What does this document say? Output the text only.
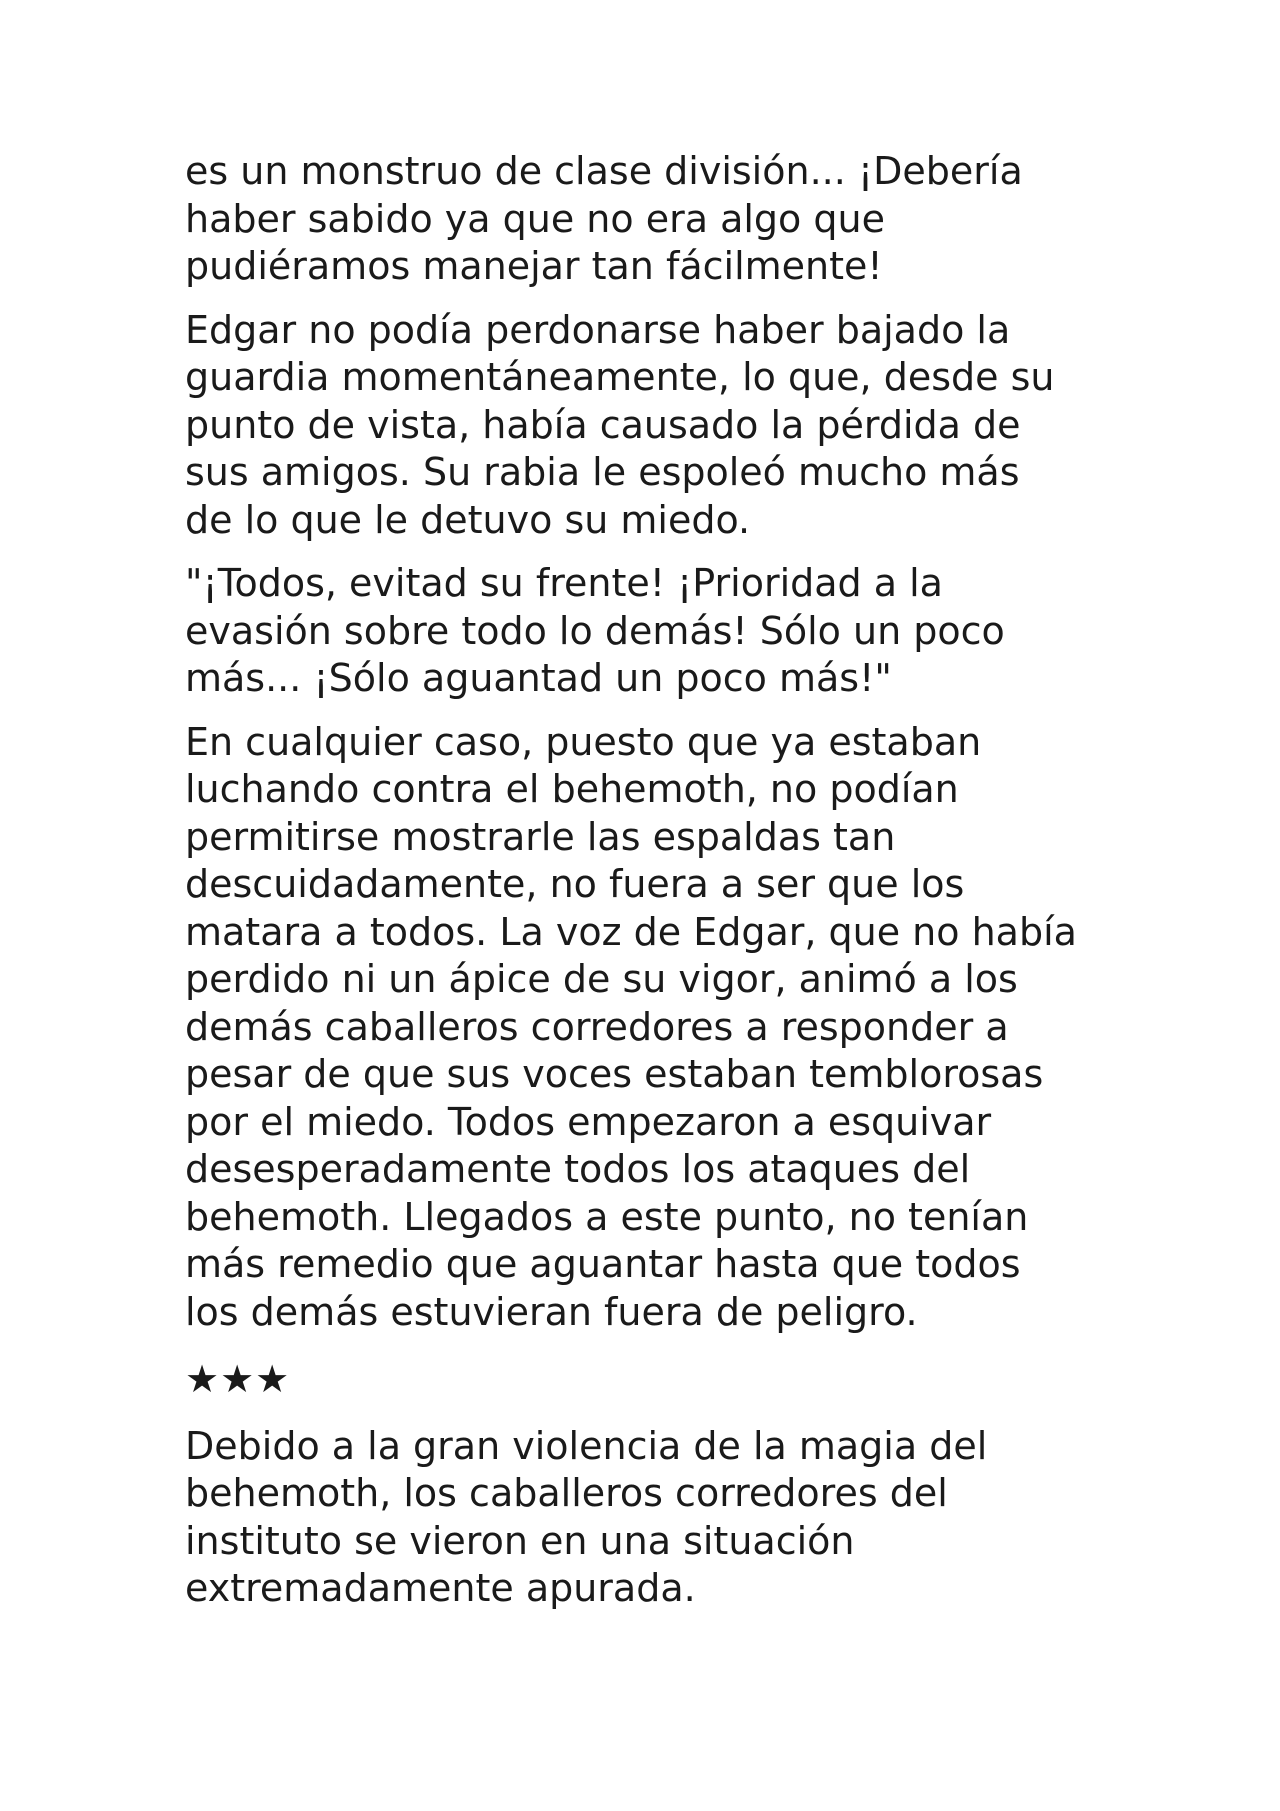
es un monstruo de clase división... ¡Debería
haber sabido ya que no era algo que
pudiéramos manejar tan fácilmente!
Edgar no podía perdonarse haber bajado la
guardia momentáneamente, lo que, desde su
punto de vista, había causado la pérdida de
sus amigos. Su rabia le espoleó mucho más
de lo que le detuvo su miedo.
"¡Todos, evitad su frente! ¡Prioridad a la
evasión sobre todo lo demás! Sólo un poco
más... ¡Sólo aguantad un poco más!"
En cualquier caso, puesto que ya estaban
luchando contra el behemoth, no podían
permitirse mostrarle las espaldas tan
descuidadamente, no fuera a ser que los
matara a todos. La voz de Edgar, que no había
perdido ni un ápice de su vigor, animó a los
demás caballeros corredores a responder a
pesar de que sus voces estaban temblorosas
por el miedo. Todos empezaron a esquivar
desesperadamente todos los ataques del
behemoth. Llegados a este punto, no tenían
más remedio que aguantar hasta que todos
los demás estuvieran fuera de peligro.
★★★
Debido a la gran violencia de la magia del
behemoth, los caballeros corredores del
instituto se vieron en una situación
extremadamente apurada.
